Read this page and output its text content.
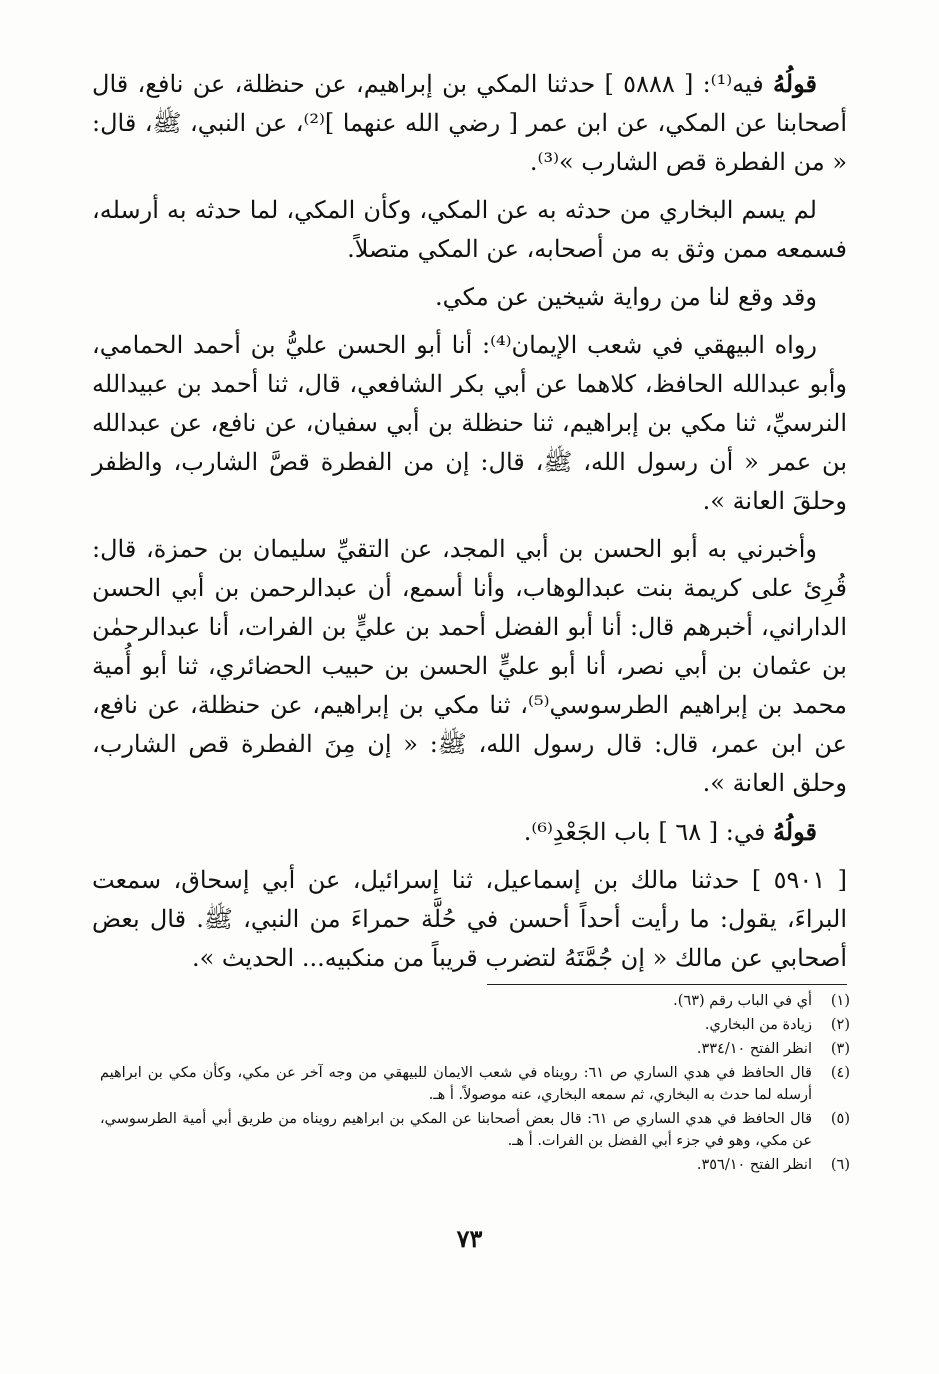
قولُهُ فيه⁽¹⁾: [ ٥٨٨٨ ] حدثنا المكي بن إبراهيم، عن حنظلة، عن نافع، قال أصحابنا عن المكي، عن ابن عمر [ رضي الله عنهما ]⁽²⁾، عن النبي، ﷺ، قال: « من الفطرة قص الشارب »⁽³⁾.

لم يسم البخاري من حدثه به عن المكي، وكأن المكي، لما حدثه به أرسله، فسمعه ممن وثق به من أصحابه، عن المكي متصلاً.

وقد وقع لنا من رواية شيخين عن مكي.

رواه البيهقي في شعب الإيمان⁽⁴⁾: أنا أبو الحسن عليُّ بن أحمد الحمامي، وأبو عبدالله الحافظ، كلاهما عن أبي بكر الشافعي، قال، ثنا أحمد بن عبيدالله النرسيِّ، ثنا مكي بن إبراهيم، ثنا حنظلة بن أبي سفيان، عن نافع، عن عبدالله بن عمر « أن رسول الله، ﷺ، قال: إن من الفطرة قصَّ الشارب، والظفر وحلقَ العانة ».

وأخبرني به أبو الحسن بن أبي المجد، عن التقيِّ سليمان بن حمزة، قال: قُرِئ على كريمة بنت عبدالوهاب، وأنا أسمع، أن عبدالرحمن بن أبي الحسن الداراني، أخبرهم قال: أنا أبو الفضل أحمد بن عليٍّ بن الفرات، أنا عبدالرحمٰن بن عثمان بن أبي نصر، أنا أبو عليٍّ الحسن بن حبيب الحضائري، ثنا أبو أُمية محمد بن إبراهيم الطرسوسي⁽⁵⁾، ثنا مكي بن إبراهيم، عن حنظلة، عن نافع، عن ابن عمر، قال: قال رسول الله، ﷺ: « إن مِنَ الفطرة قص الشارب، وحلق العانة ».

قولُهُ في: [ ٦٨ ] باب الجَعْدِ⁽⁶⁾.

[ ٥٩٠١ ] حدثنا مالك بن إسماعيل، ثنا إسرائيل، عن أبي إسحاق، سمعت البراءَ، يقول: ما رأيت أحداً أحسن في حُلَّة حمراءَ من النبي، ﷺ. قال بعض أصحابي عن مالك « إن جُمَّتَهُ لتضرب قريباً من منكبيه... الحديث ».

(١)
أي في الباب رقم (٦٣).
(٢)
زيادة من البخاري.
(٣)
انظر الفتح ٣٣٤/١٠.
(٤)
قال الحافظ في هدي الساري ص ٦١: رويناه في شعب الايمان للبيهقي من وجه آخر عن مكي، وكأن مكي بن ابراهيم أرسله لما حدث به البخاري، ثم سمعه البخاري، عنه موصولاً. أ هـ.
(٥)
قال الحافظ في هدي الساري ص ٦١: قال بعض أصحابنا عن المكي بن ابراهيم رويناه من طريق أبي أمية الطرسوسي، عن مكي، وهو في جزء أبي الفضل بن الفرات. أ هـ.
(٦)
انظر الفتح ٣٥٦/١٠.
٧٣
